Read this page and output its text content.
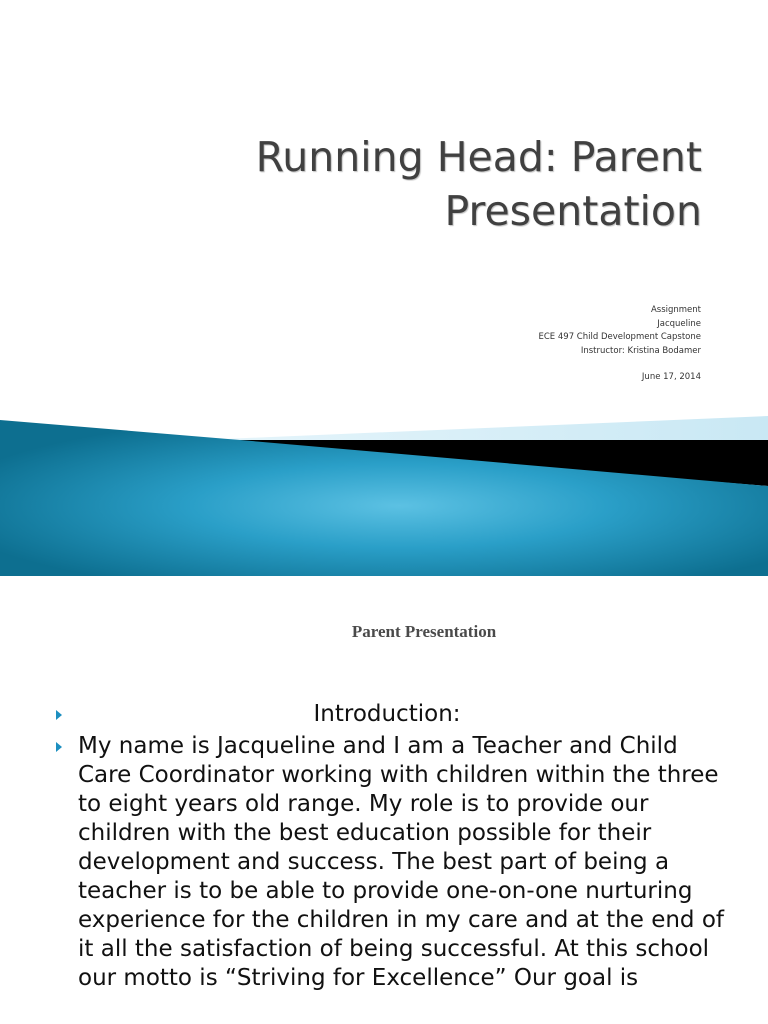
Running Head: Parent
Presentation
Assignment
Jacqueline
ECE 497 Child Development Capstone
Instructor: Kristina Bodamer
June 17, 2014
Parent Presentation
Introduction:
My name is Jacqueline and I am a Teacher and Child Care Coordinator working with children within the three to eight years old range. My role is to provide our children with the best education possible for their development and success. The best part of being a teacher is to be able to provide one-on-one nurturing experience for the children in my care and at the end of it all the satisfaction of being successful. At this school our motto is “Striving for Excellence” Our goal is
